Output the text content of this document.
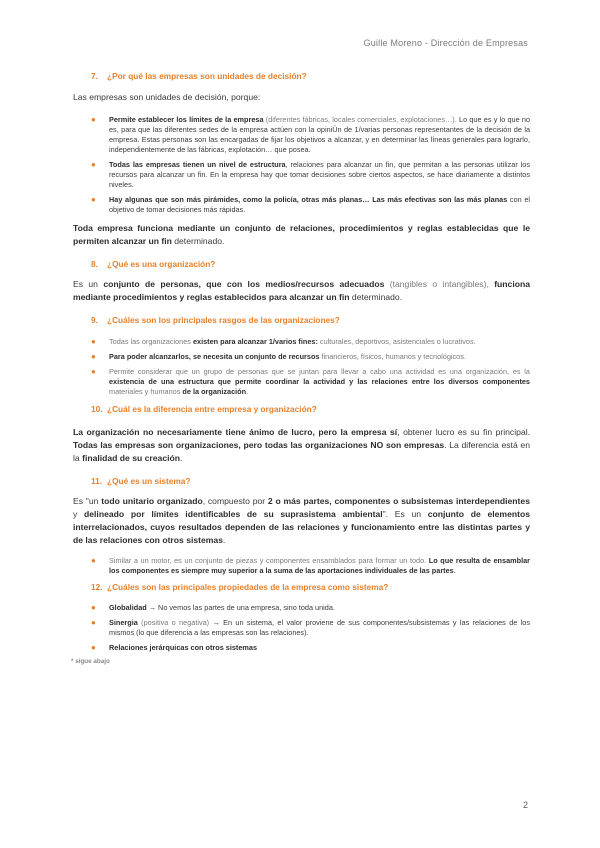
Guille Moreno - Dirección de Empresas
7. ¿Por qué las empresas son unidades de decisión?

Las empresas son unidades de decisión, porque:

● Permite establecer los límites de la empresa (diferentes fábricas, locales comerciales, explotaciones…). Lo que es y lo que no es, para que las diferentes sedes de la empresa actúen con la opiniÜn de 1/varias personas representantes de la decisión de la empresa. Estas personas son las encargadas de fijar los objetivos a alcanzar, y en determinar las líneas generales para lograrlo, independientemente de las fábricas, explotación… que posea.
● Todas las empresas tienen un nivel de estructura, relaciones para alcanzar un fin, que permitan a las personas utilizar los recursos para alcanzar un fin. En la empresa hay que tomar decisiones sobre ciertos aspectos, se hace diariamente a distintos niveles.
● Hay algunas que son más pirámides, como la policía, otras más planas… Las más efectivas son las más planas con el objetivo de tomar decisiones más rápidas.

Toda empresa funciona mediante un conjunto de relaciones, procedimientos y reglas establecidas que le permiten alcanzar un fin determinado.

8. ¿Qué es una organización?

Es un conjunto de personas, que con los medios/recursos adecuados (tangibles o intangibles), funciona mediante procedimientos y reglas establecidos para alcanzar un fin determinado.

9. ¿Cuáles son los principales rasgos de las organizaciones?
● Todas las organizaciones existen para alcanzar 1/varios fines: culturales, deportivos, asistenciales o lucrativos.
● Para poder alcanzarlos, se necesita un conjunto de recursos financieros, físicos, humanos y tecnológicos.
● Permite considerar que un grupo de personas que se juntan para llevar a cabo una actividad es una organización, es la existencia de una estructura que permite coordinar la actividad y las relaciones entre los diversos componentes materiales y humanos de la organización.
10. ¿Cuál es la diferencia entre empresa y organización?

La organización no necesariamente tiene ánimo de lucro, pero la empresa sí, obtener lucro es su fin principal. Todas las empresas son organizaciones, pero todas las organizaciones NO son empresas. La diferencia está en la finalidad de su creación.

11. ¿Qué es un sistema?

Es "un todo unitario organizado, compuesto por 2 o más partes, componentes o subsistemas interdependientes y delineado por límites identificables de su suprasistema ambiental". Es un conjunto de elementos interrelacionados, cuyos resultados dependen de las relaciones y funcionamiento entre las distintas partes y de las relaciones con otros sistemas.

● Similar a un motor, es un conjunto de piezas y componentes ensamblados para formar un todo. Lo que resulta de ensamblar los componentes es siempre muy superior a la suma de las aportaciones individuales de las partes.
12. ¿Cuáles son las principales propiedades de la empresa como sistema?
● Globalidad → No vemos las partes de una empresa, sino toda unida.
● Sinergia (positiva o negativa) → En un sistema, el valor proviene de sus componentes/subsistemas y las relaciones de los mismos (lo que diferencia a las empresas son las relaciones).
● Relaciones jerárquicas con otros sistemas
* sigue abajo
2
